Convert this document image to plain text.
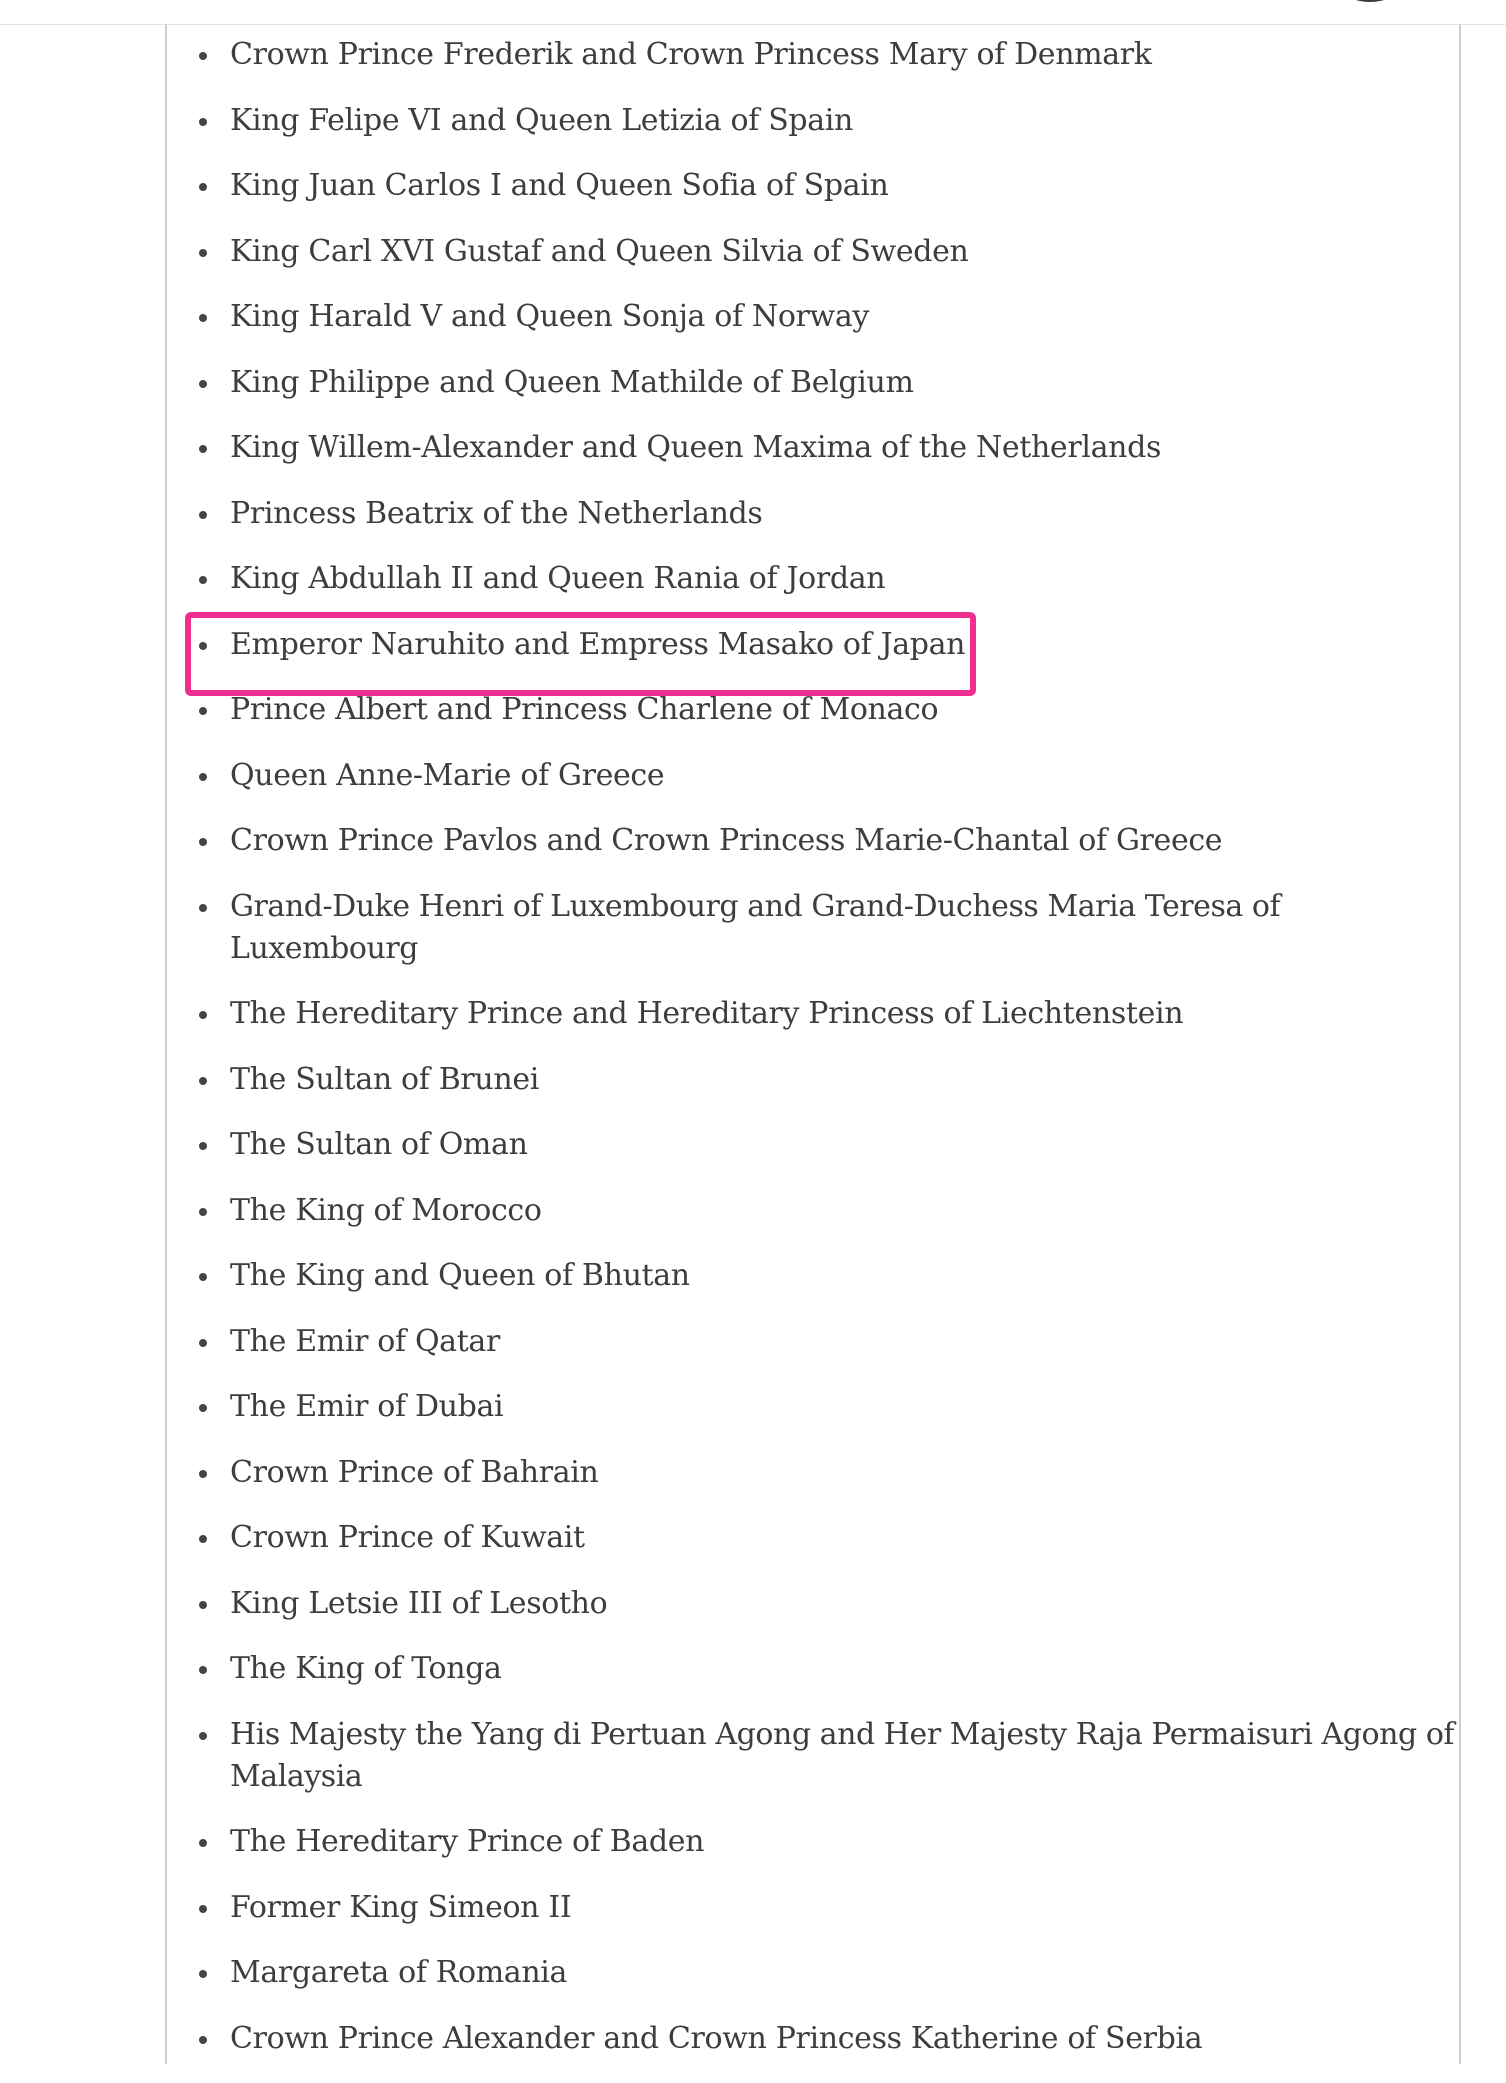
Crown Prince Frederik and Crown Princess Mary of Denmark
King Felipe VI and Queen Letizia of Spain
King Juan Carlos I and Queen Sofia of Spain
King Carl XVI Gustaf and Queen Silvia of Sweden
King Harald V and Queen Sonja of Norway
King Philippe and Queen Mathilde of Belgium
King Willem-Alexander and Queen Maxima of the Netherlands
Princess Beatrix of the Netherlands
King Abdullah II and Queen Rania of Jordan
Emperor Naruhito and Empress Masako of Japan
Prince Albert and Princess Charlene of Monaco
Queen Anne-Marie of Greece
Crown Prince Pavlos and Crown Princess Marie-Chantal of Greece
Grand-Duke Henri of Luxembourg and Grand-Duchess Maria Teresa of Luxembourg
The Hereditary Prince and Hereditary Princess of Liechtenstein
The Sultan of Brunei
The Sultan of Oman
The King of Morocco
The King and Queen of Bhutan
The Emir of Qatar
The Emir of Dubai
Crown Prince of Bahrain
Crown Prince of Kuwait
King Letsie III of Lesotho
The King of Tonga
His Majesty the Yang di Pertuan Agong and Her Majesty Raja Permaisuri Agong of Malaysia
The Hereditary Prince of Baden
Former King Simeon II
Margareta of Romania
Crown Prince Alexander and Crown Princess Katherine of Serbia
